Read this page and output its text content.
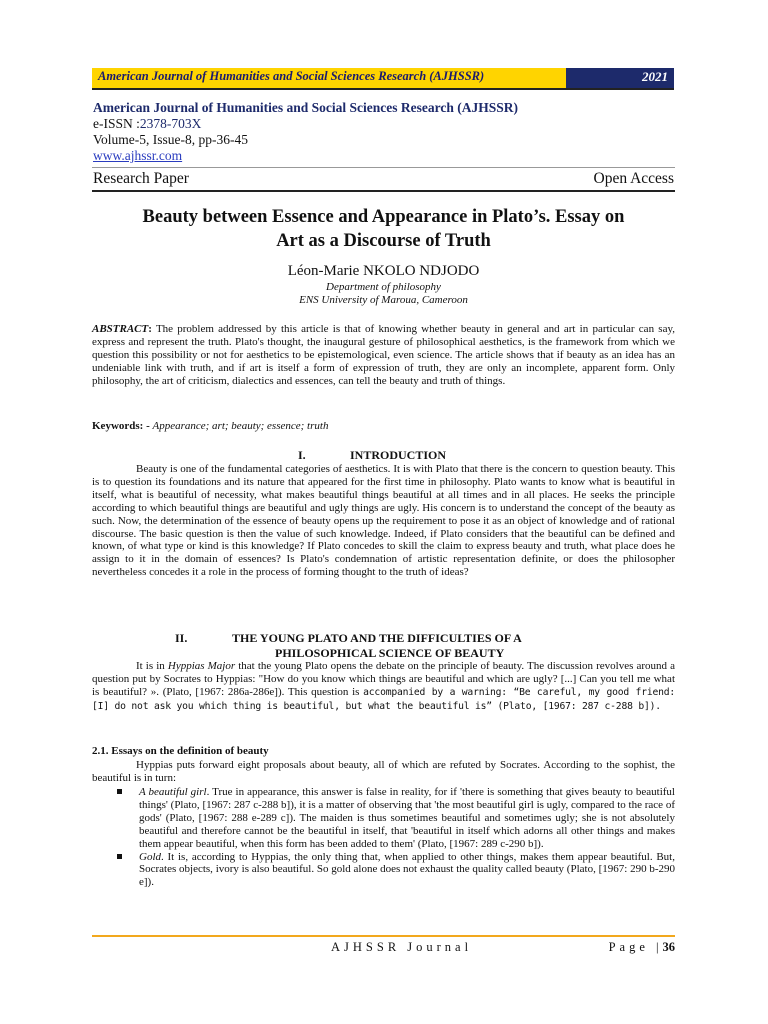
American Journal of Humanities and Social Sciences Research (AJHSSR)	2021
American Journal of Humanities and Social Sciences Research (AJHSSR)
e-ISSN :2378-703X
Volume-5, Issue-8, pp-36-45
www.ajhssr.com
Research Paper	Open Access
Beauty between Essence and Appearance in Plato’s. Essay on
Art as a Discourse of Truth
Léon-Marie NKOLO NDJODO
Department of philosophy
ENS University of Maroua, Cameroon
ABSTRACT: The problem addressed by this article is that of knowing whether beauty in general and art in particular can say, express and represent the truth. Plato's thought, the inaugural gesture of philosophical aesthetics, is the framework from which we question this possibility or not for aesthetics to be epistemological, even science. The article shows that if beauty as an idea has an undeniable link with truth, and if art is itself a form of expression of truth, they are only an incomplete, apparent form. Only philosophy, the art of criticism, dialectics and essences, can tell the beauty and truth of things.
Keywords: - Appearance; art; beauty; essence; truth
I.	INTRODUCTION
Beauty is one of the fundamental categories of aesthetics. It is with Plato that there is the concern to question beauty. This is to question its foundations and its nature that appeared for the first time in philosophy. Plato wants to know what is beautiful in itself, what is beautiful of necessity, what makes beautiful things beautiful at all times and in all places. He seeks the principle according to which beautiful things are beautiful and ugly things are ugly. His concern is to understand the concept of the beauty as such. Now, the determination of the essence of beauty opens up the requirement to pose it as an object of knowledge and of rational discourse. The basic question is then the value of such knowledge. Indeed, if Plato considers that the beautiful can be defined and known, of what type or kind is this knowledge? If Plato concedes to skill the claim to express beauty and truth, what place does he assign to it in the domain of essences? Is Plato's condemnation of artistic representation definite, or does the philosopher nevertheless concedes it a role in the process of forming thought to the truth of ideas?
II.	THE YOUNG PLATO AND THE DIFFICULTIES OF A
PHILOSOPHICAL SCIENCE OF BEAUTY
It is in Hyppias Major that the young Plato opens the debate on the principle of beauty. The discussion revolves around a question put by Socrates to Hyppias: "How do you know which things are beautiful and which are ugly? [...] Can you tell me what is beautiful? ». (Plato, [1967: 286a-286e]). This question is accompanied by a warning: “Be careful, my good friend: [I] do not ask you which thing is beautiful, but what the beautiful is” (Plato, [1967: 287 c-288 b]).
2.1. Essays on the definition of beauty
Hyppias puts forward eight proposals about beauty, all of which are refuted by Socrates. According to the sophist, the beautiful is in turn:
A beautiful girl. True in appearance, this answer is false in reality, for if 'there is something that gives beauty to beautiful things' (Plato, [1967: 287 c-288 b]), it is a matter of observing that 'the most beautiful girl is ugly, compared to the race of gods' (Plato, [1967: 288 e-289 c]). The maiden is thus sometimes beautiful and sometimes ugly; she is not absolutely beautiful and therefore cannot be the beautiful in itself, that 'beautiful in itself which adorns all other things and makes them appear beautiful, when this form has been added to them' (Plato, [1967: 289 c-290 b]).
Gold. It is, according to Hyppias, the only thing that, when applied to other things, makes them appear beautiful. But, Socrates objects, ivory is also beautiful. So gold alone does not exhaust the quality called beauty (Plato, [1967: 290 b-290 e]).
AJHSSR Journal	Page |36
